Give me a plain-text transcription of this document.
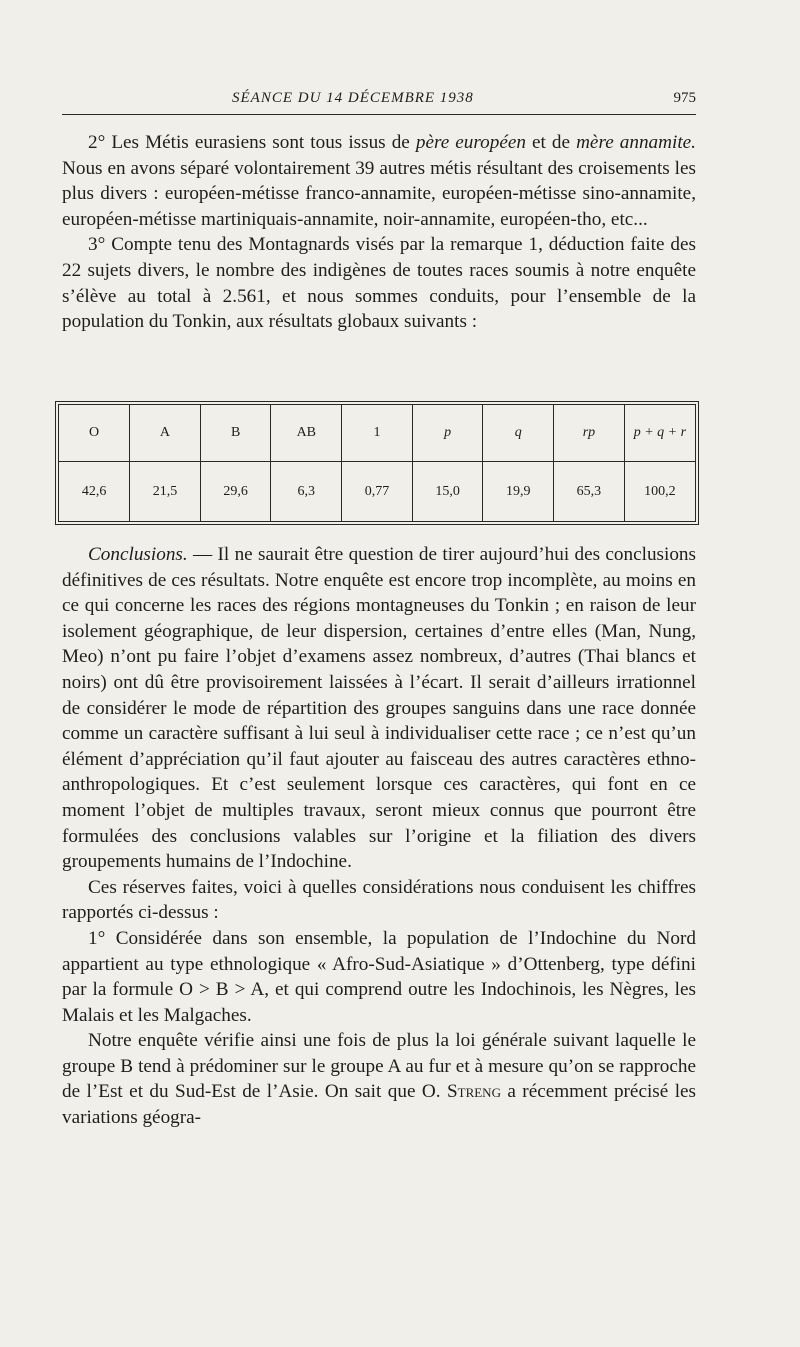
SÉANCE DU 14 DÉCEMBRE 1938	975

2° Les Métis eurasiens sont tous issus de père européen et de mère annamite. Nous en avons séparé volontairement 39 autres métis résultant des croisements les plus divers : européen-métisse franco-annamite, européen-métisse sino-annamite, européen-métisse martiniquais-annamite, noir-annamite, européen-tho, etc...

3° Compte tenu des Montagnards visés par la remarque 1, déduction faite des 22 sujets divers, le nombre des indigènes de toutes races soumis à notre enquête s’élève au total à 2.561, et nous sommes conduits, pour l’ensemble de la population du Tonkin, aux résultats globaux suivants :

O	A	B	AB	1	p	q	rp	p + q + r
42,6	21,5	29,6	6,3	0,77	15,0	19,9	65,3	100,2

Conclusions. — Il ne saurait être question de tirer aujourd’hui des conclusions définitives de ces résultats. Notre enquête est encore trop incomplète, au moins en ce qui concerne les races des régions montagneuses du Tonkin ; en raison de leur isolement géographique, de leur dispersion, certaines d’entre elles (Man, Nung, Meo) n’ont pu faire l’objet d’examens assez nombreux, d’autres (Thai blancs et noirs) ont dû être provisoirement laissées à l’écart. Il serait d’ailleurs irrationnel de considérer le mode de répartition des groupes sanguins dans une race donnée comme un caractère suffisant à lui seul à individualiser cette race ; ce n’est qu’un élément d’appréciation qu’il faut ajouter au faisceau des autres caractères ethno-anthropologiques. Et c’est seulement lorsque ces caractères, qui font en ce moment l’objet de multiples travaux, seront mieux connus que pourront être formulées des conclusions valables sur l’origine et la filiation des divers groupements humains de l’Indochine.

Ces réserves faites, voici à quelles considérations nous conduisent les chiffres rapportés ci-dessus :

1° Considérée dans son ensemble, la population de l’Indochine du Nord appartient au type ethnologique « Afro-Sud-Asiatique » d’Ottenberg, type défini par la formule O > B > A, et qui comprend outre les Indochinois, les Nègres, les Malais et les Malgaches.

Notre enquête vérifie ainsi une fois de plus la loi générale suivant laquelle le groupe B tend à prédominer sur le groupe A au fur et à mesure qu’on se rapproche de l’Est et du Sud-Est de l’Asie. On sait que O. Streng a récemment précisé les variations géogra-
